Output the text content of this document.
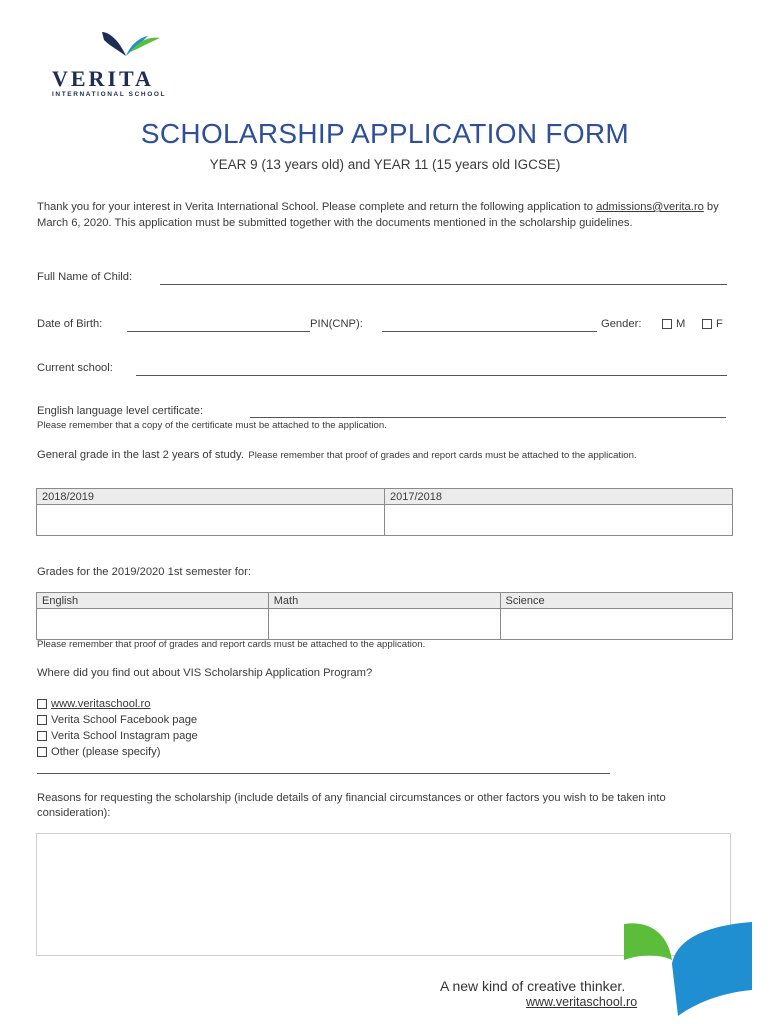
VERITA
INTERNATIONAL SCHOOL
SCHOLARSHIP APPLICATION FORM
YEAR 9 (13 years old) and YEAR 11 (15 years old IGCSE)
Thank you for your interest in Verita International School. Please complete and return the following application to admissions@verita.ro by March 6, 2020. This application must be submitted together with the documents mentioned in the scholarship guidelines.
Full Name of Child:
Date of Birth:	PIN(CNP):	Gender:	M	F
Current school:
English language level certificate:
Please remember that a copy of the certificate must be attached to the application.
General grade in the last 2 years of study. Please remember that proof of grades and report cards must be attached to the application.
2018/2019	2017/2018

Grades for the 2019/2020 1st semester for:
English	Math	Science

Please remember that proof of grades and report cards must be attached to the application.
Where did you find out about VIS Scholarship Application Program?
www.veritaschool.ro
Verita School Facebook page
Verita School Instagram page
Other (please specify)
Reasons for requesting the scholarship (include details of any financial circumstances or other factors you wish to be taken into consideration):
A new kind of creative thinker.
www.veritaschool.ro
